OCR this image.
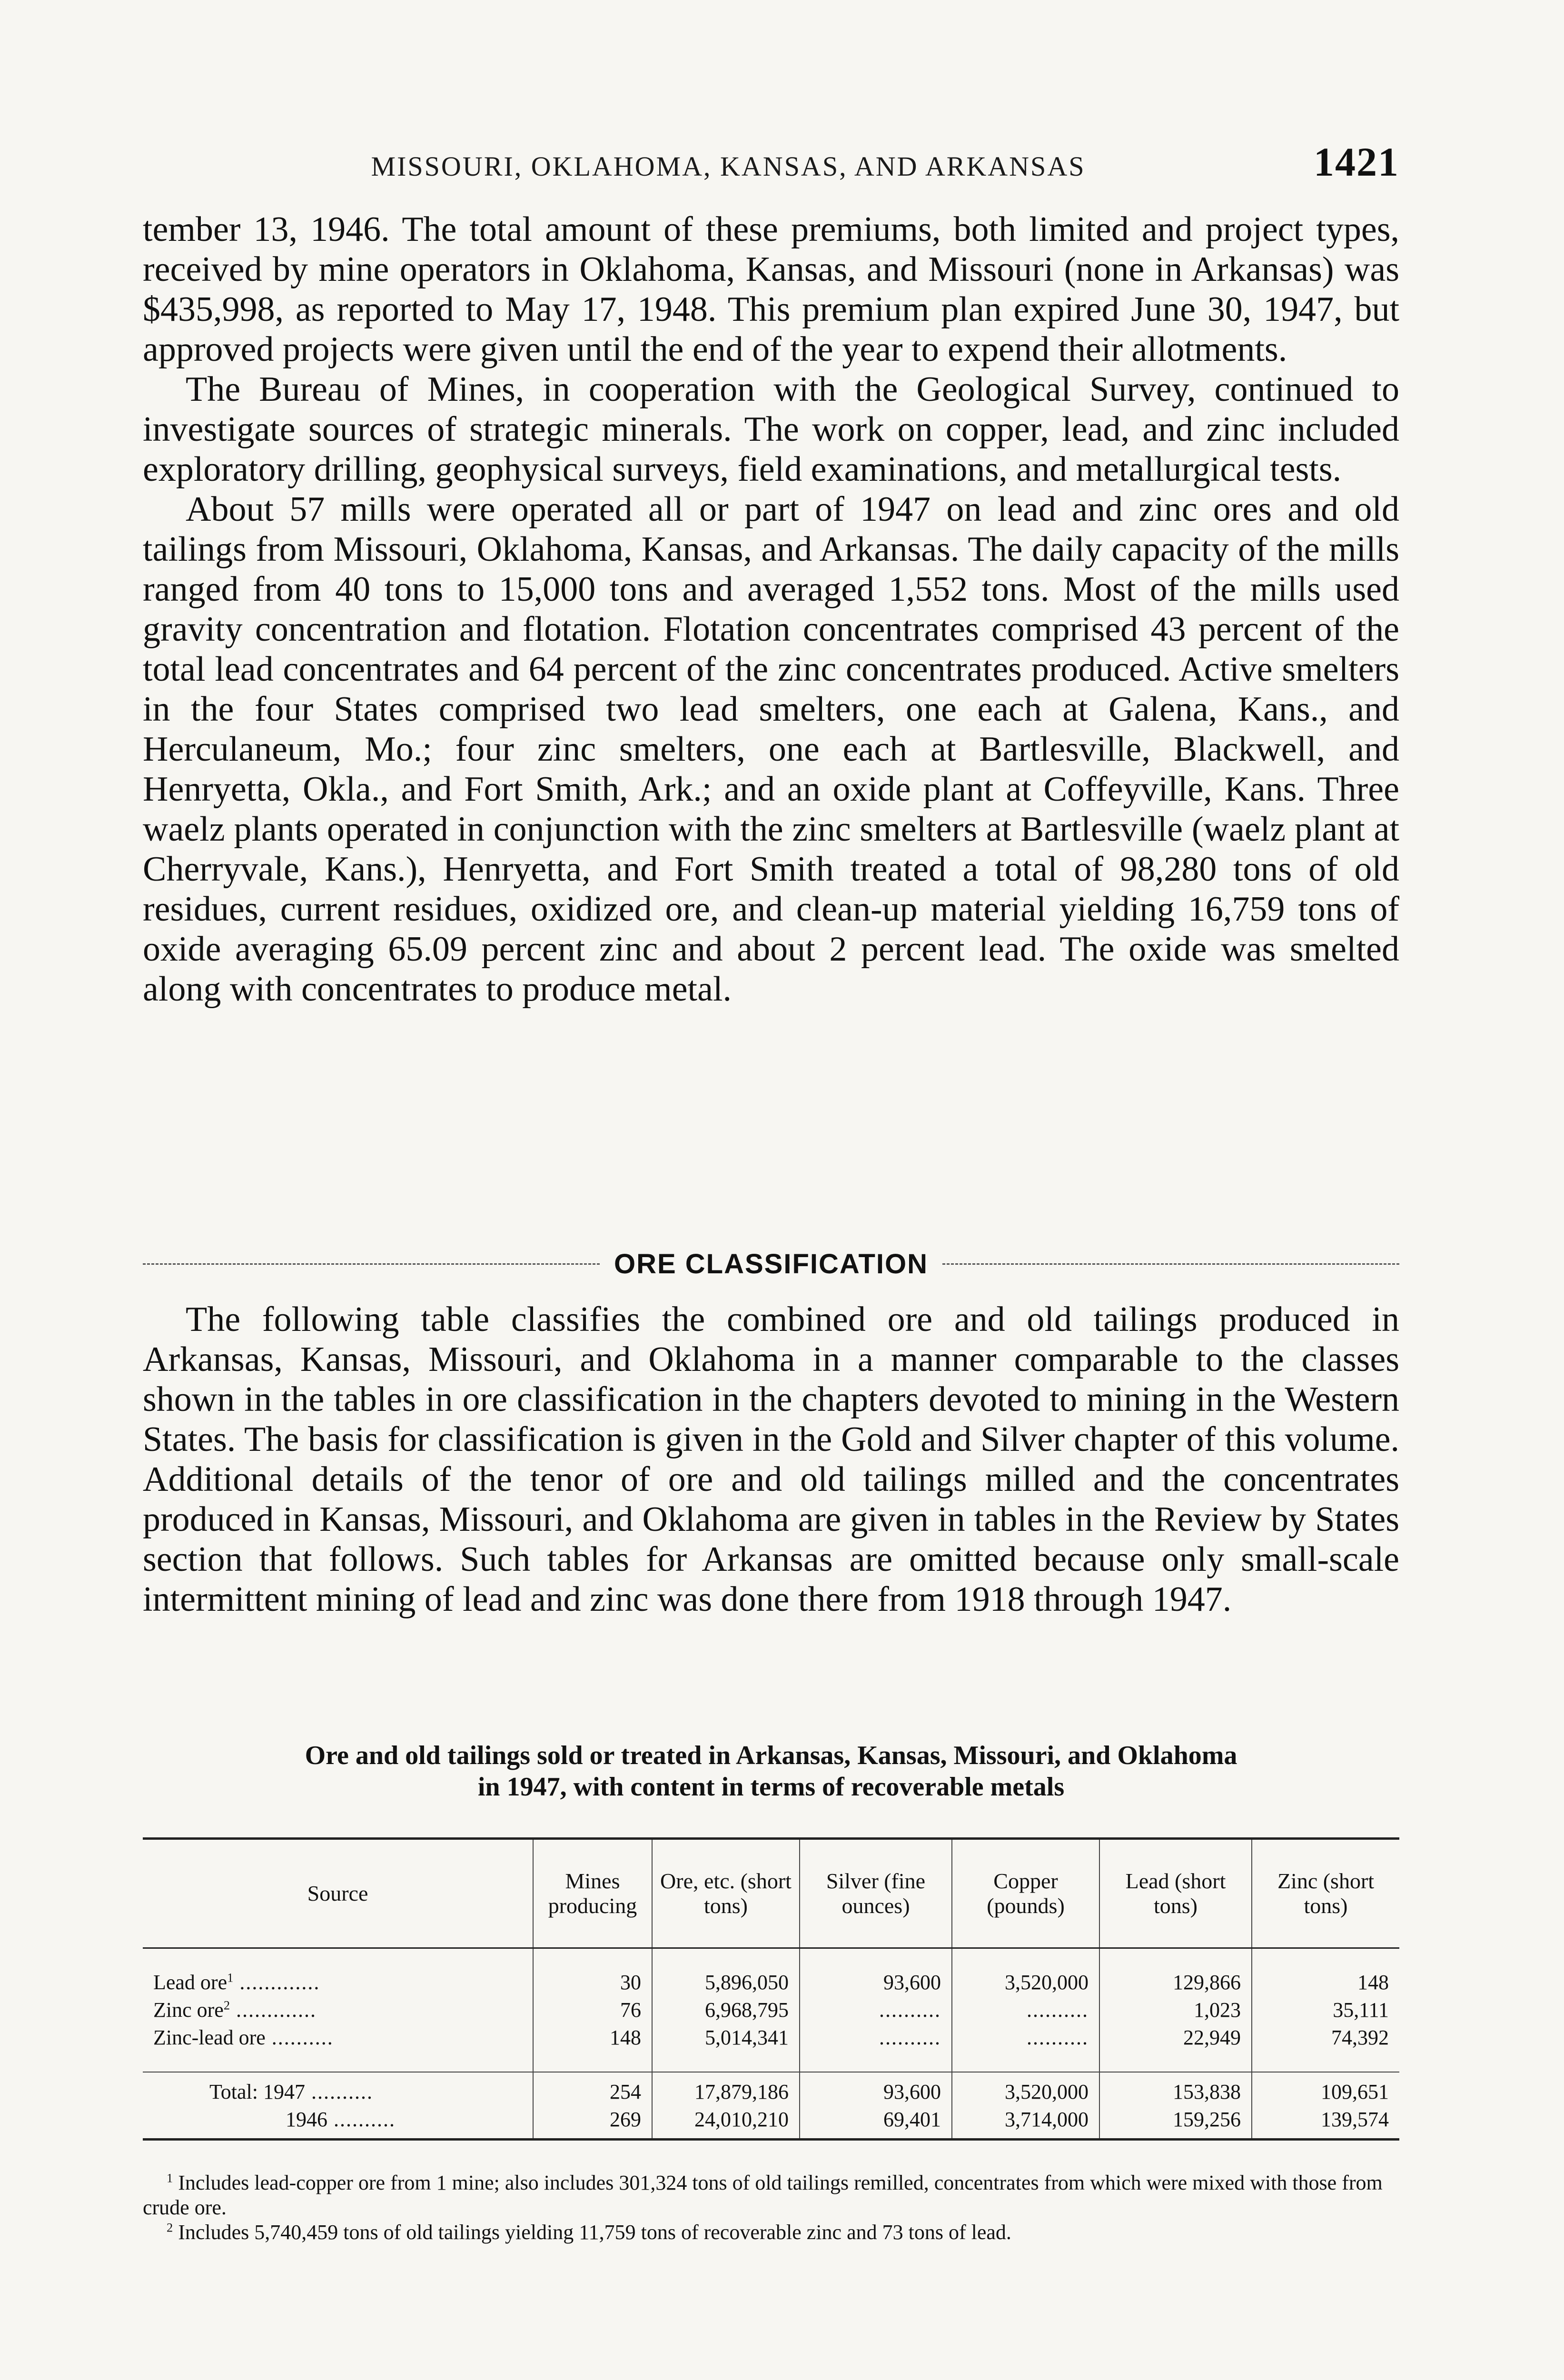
MISSOURI, OKLAHOMA, KANSAS, AND ARKANSAS	1421

tember 13, 1946. The total amount of these premiums, both limited and project types, received by mine operators in Oklahoma, Kansas, and Missouri (none in Arkansas) was $435,998, as reported to May 17, 1948. This premium plan expired June 30, 1947, but approved projects were given until the end of the year to expend their allotments.

The Bureau of Mines, in cooperation with the Geological Survey, continued to investigate sources of strategic minerals. The work on copper, lead, and zinc included exploratory drilling, geophysical surveys, field examinations, and metallurgical tests.

About 57 mills were operated all or part of 1947 on lead and zinc ores and old tailings from Missouri, Oklahoma, Kansas, and Arkansas. The daily capacity of the mills ranged from 40 tons to 15,000 tons and averaged 1,552 tons. Most of the mills used gravity concentration and flotation. Flotation concentrates comprised 43 percent of the total lead concentrates and 64 percent of the zinc concentrates produced. Active smelters in the four States comprised two lead smelters, one each at Galena, Kans., and Herculaneum, Mo.; four zinc smelters, one each at Bartlesville, Blackwell, and Henryetta, Okla., and Fort Smith, Ark.; and an oxide plant at Coffeyville, Kans. Three waelz plants operated in conjunction with the zinc smelters at Bartlesville (waelz plant at Cherryvale, Kans.), Henryetta, and Fort Smith treated a total of 98,280 tons of old residues, current residues, oxidized ore, and clean-up material yielding 16,759 tons of oxide averaging 65.09 percent zinc and about 2 percent lead. The oxide was smelted along with concentrates to produce metal.

ORE CLASSIFICATION

The following table classifies the combined ore and old tailings produced in Arkansas, Kansas, Missouri, and Oklahoma in a manner comparable to the classes shown in the tables in ore classification in the chapters devoted to mining in the Western States. The basis for classification is given in the Gold and Silver chapter of this volume. Additional details of the tenor of ore and old tailings milled and the concentrates produced in Kansas, Missouri, and Oklahoma are given in tables in the Review by States section that follows. Such tables for Arkansas are omitted because only small-scale intermittent mining of lead and zinc was done there from 1918 through 1947.

Ore and old tailings sold or treated in Arkansas, Kansas, Missouri, and Oklahoma
in 1947, with content in terms of recoverable metals
Source	Mines producing	Ore, etc. (short tons)	Silver (fine ounces)	Copper (pounds)	Lead (short tons)	Zinc (short tons)

Lead ore$^1$ .............	30	5,896,050	93,600	3,520,000	129,866	148
Zinc ore$^2$ .............	76	6,968,795	..........	..........	1,023	35,111
Zinc-lead ore ..........	148	5,014,341	..........	..........	22,949	74,392

Total: 1947 ..........	254	17,879,186	93,600	3,520,000	153,838	109,651
1946 ..........	269	24,010,210	69,401	3,714,000	159,256	139,574

$^1$ Includes lead-copper ore from 1 mine; also includes 301,324 tons of old tailings remilled, concentrates from which were mixed with those from crude ore.

$^2$ Includes 5,740,459 tons of old tailings yielding 11,759 tons of recoverable zinc and 73 tons of lead.
